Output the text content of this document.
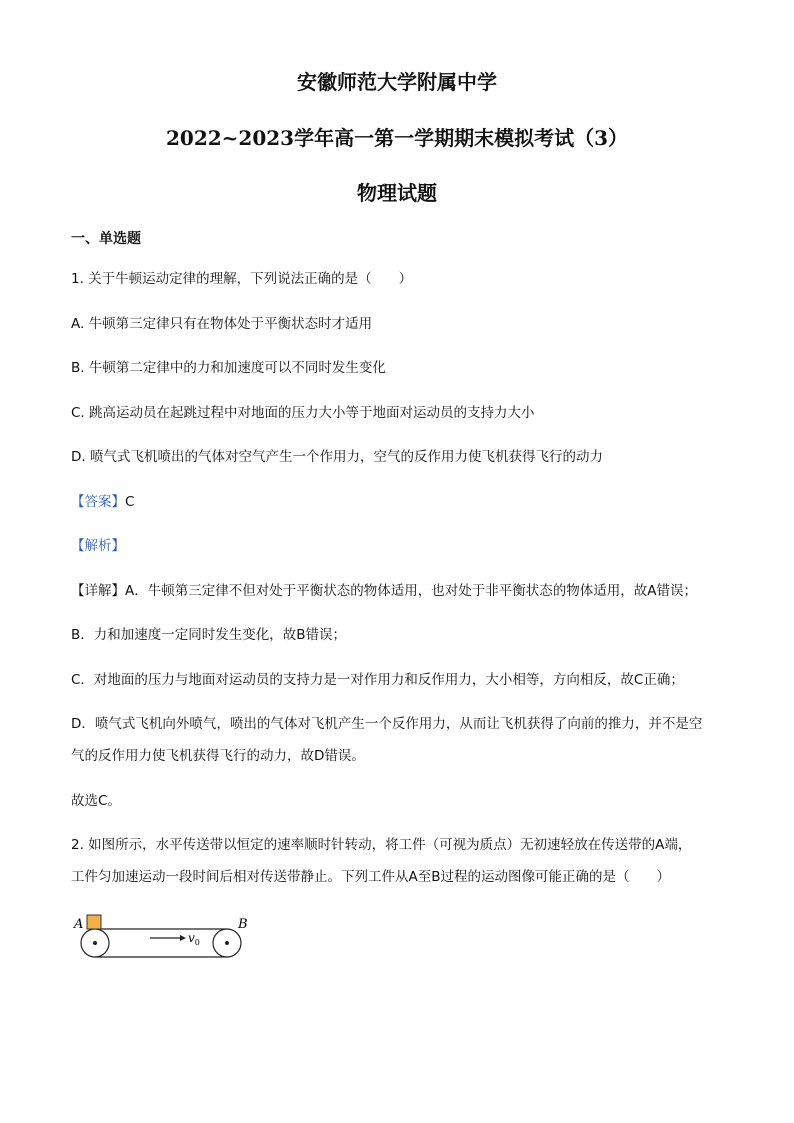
安徽师范大学附属中学
2022~2023学年高一第一学期期末模拟考试（3）
物理试题
一、单选题
1. 关于牛顿运动定律的理解，下列说法正确的是（　　）
A. 牛顿第三定律只有在物体处于平衡状态时才适用
B. 牛顿第二定律中的力和加速度可以不同时发生变化
C. 跳高运动员在起跳过程中对地面的压力大小等于地面对运动员的支持力大小
D. 喷气式飞机喷出的气体对空气产生一个作用力，空气的反作用力使飞机获得飞行的动力
【答案】C
【解析】
【详解】A．牛顿第三定律不但对处于平衡状态的物体适用，也对处于非平衡状态的物体适用，故A错误；
B．力和加速度一定同时发生变化，故B错误；
C．对地面的压力与地面对运动员的支持力是一对作用力和反作用力，大小相等，方向相反，故C正确；
D．喷气式飞机向外喷气，喷出的气体对飞机产生一个反作用力，从而让飞机获得了向前的推力，并不是空
气的反作用力使飞机获得飞行的动力，故D错误。
故选C。
2. 如图所示，水平传送带以恒定的速率顺时针转动，将工件（可视为质点）无初速轻放在传送带的A端，
工件匀加速运动一段时间后相对传送带静止。下列工件从A至B过程的运动图像可能正确的是（　　）
$v_0$
A	B
